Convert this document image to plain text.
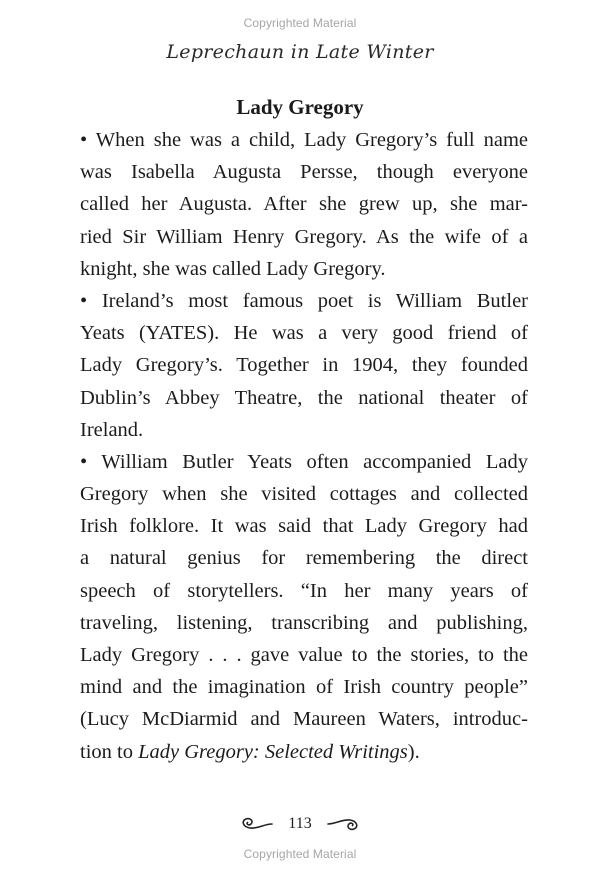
Copyrighted Material
Leprechaun in Late Winter
Lady Gregory

• When she was a child, Lady Gregory’s full name
was Isabella Augusta Persse, though everyone
called her Augusta. After she grew up, she mar-
ried Sir William Henry Gregory. As the wife of a
knight, she was called Lady Gregory.

• Ireland’s most famous poet is William Butler
Yeats (YATES). He was a very good friend of
Lady Gregory’s. Together in 1904, they founded
Dublin’s Abbey Theatre, the national theater of
Ireland.

• William Butler Yeats often accompanied Lady
Gregory when she visited cottages and collected
Irish folklore. It was said that Lady Gregory had
a natural genius for remembering the direct
speech of storytellers. “In her many years of
traveling, listening, transcribing and publishing,
Lady Gregory . . . gave value to the stories, to the
mind and the imagination of Irish country people”
(Lucy McDiarmid and Maureen Waters, introduc-
tion to Lady Gregory: Selected Writings).

113
Copyrighted Material
